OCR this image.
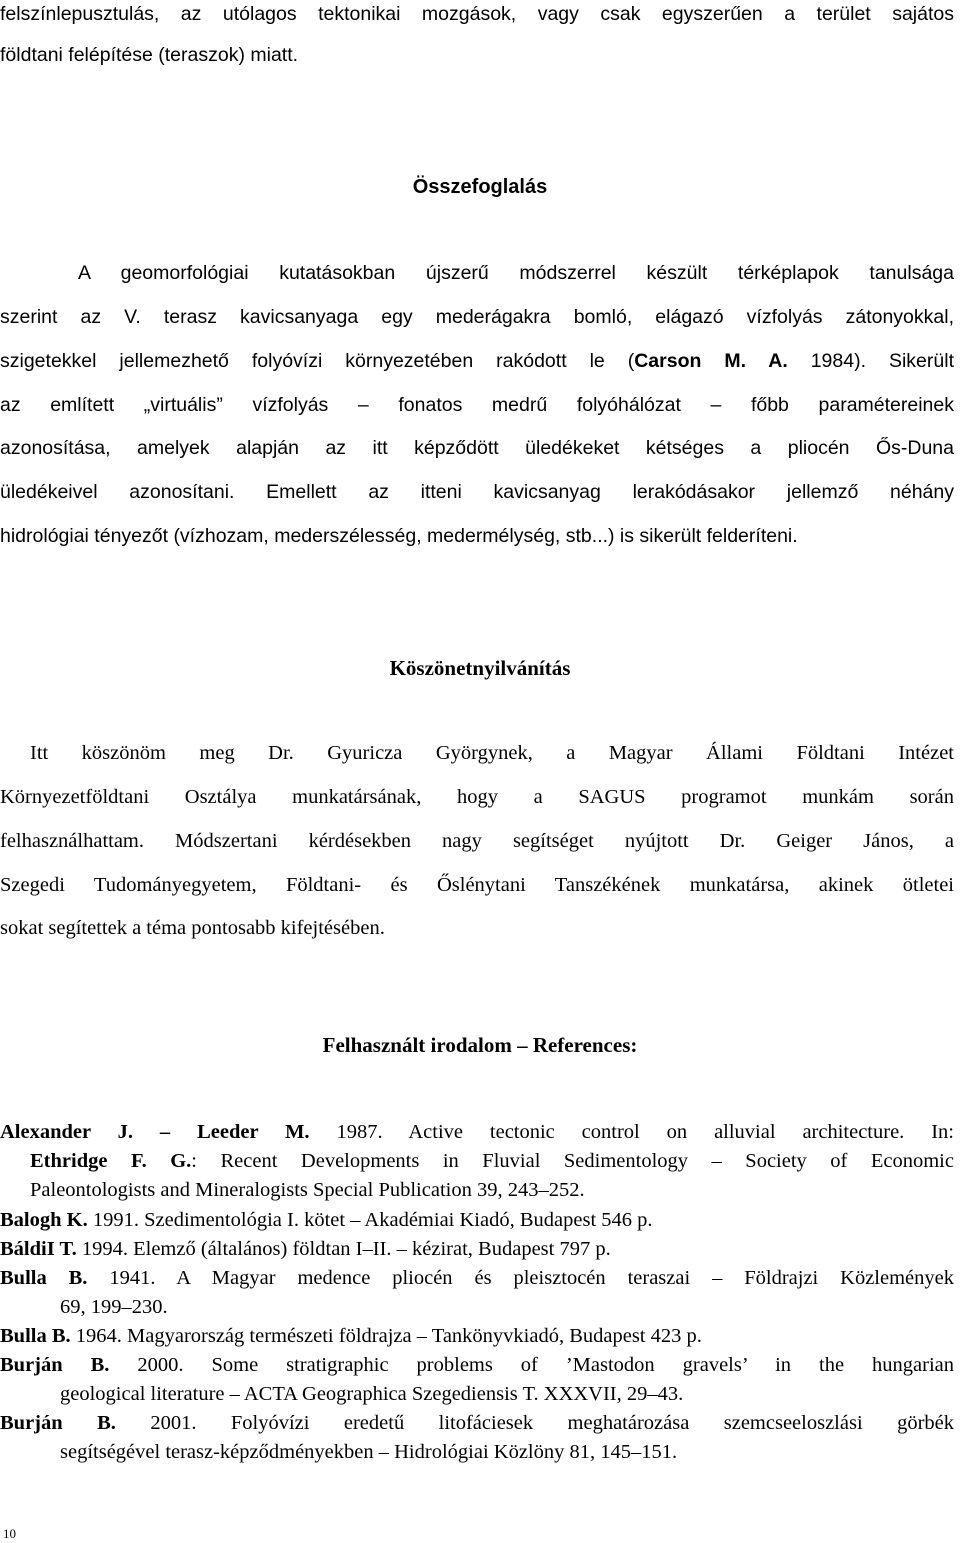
felszínlepusztulás, az utólagos tektonikai mozgások, vagy csak egyszerűen a terület sajátos
földtani felépítése (teraszok) miatt.
Összefoglalás
A geomorfológiai kutatásokban újszerű módszerrel készült térképlapok tanulsága
szerint az V. terasz kavicsanyaga egy mederágakra bomló, elágazó vízfolyás zátonyokkal,
szigetekkel jellemezhető folyóvízi környezetében rakódott le (Carson M. A. 1984). Sikerült
az említett „virtuális” vízfolyás – fonatos medrű folyóhálózat – főbb paramétereinek
azonosítása, amelyek alapján az itt képződött üledékeket kétséges a pliocén Ős-Duna
üledékeivel azonosítani. Emellett az itteni kavicsanyag lerakódásakor jellemző néhány
hidrológiai tényezőt (vízhozam, mederszélesség, medermélység, stb...) is sikerült felderíteni.
Köszönetnyilvánítás
Itt köszönöm meg Dr. Gyuricza Györgynek, a Magyar Állami Földtani Intézet
Környezetföldtani Osztálya munkatársának, hogy a SAGUS programot munkám során
felhasználhattam. Módszertani kérdésekben nagy segítséget nyújtott Dr. Geiger János, a
Szegedi Tudományegyetem, Földtani- és Őslénytani Tanszékének munkatársa, akinek ötletei
sokat segítettek a téma pontosabb kifejtésében.
Felhasznált irodalom – References:
Alexander J. – Leeder M. 1987. Active tectonic control on alluvial architecture. In:
Ethridge F. G.: Recent Developments in Fluvial Sedimentology – Society of Economic
Paleontologists and Mineralogists Special Publication 39, 243–252.
Balogh K. 1991. Szedimentológia I. kötet – Akadémiai Kiadó, Budapest 546 p.
BáldiI T. 1994. Elemző (általános) földtan I–II. – kézirat, Budapest 797 p.
Bulla B. 1941. A Magyar medence pliocén és pleisztocén teraszai – Földrajzi Közlemények
69, 199–230.
Bulla B. 1964. Magyarország természeti földrajza – Tankönyvkiadó, Budapest 423 p.
Burján B. 2000. Some stratigraphic problems of ’Mastodon gravels’ in the hungarian
geological literature – ACTA Geographica Szegediensis T. XXXVII, 29–43.
Burján B. 2001. Folyóvízi eredetű litofáciesek meghatározása szemcseeloszlási görbék
segítségével terasz-képződményekben – Hidrológiai Közlöny 81, 145–151.
10
